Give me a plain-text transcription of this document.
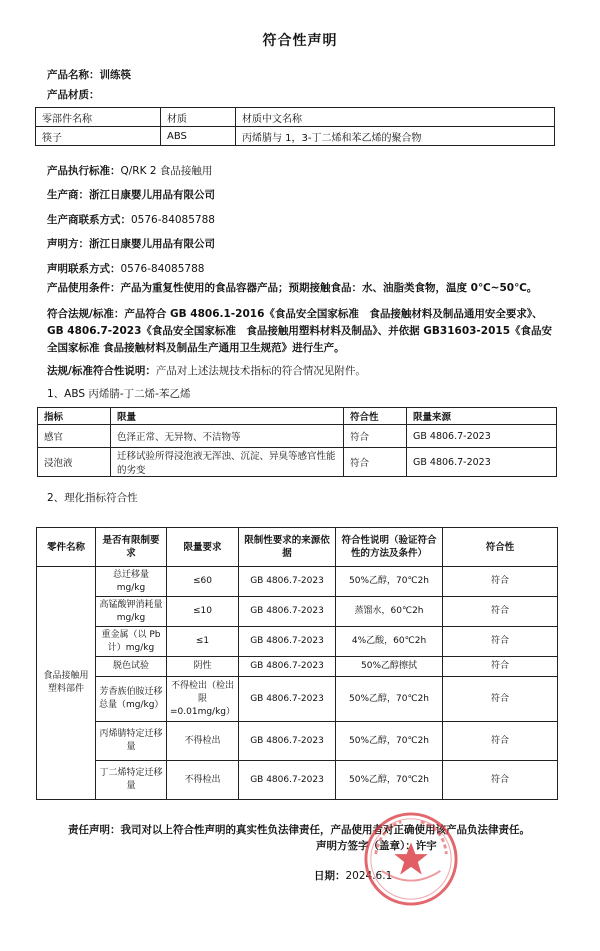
符合性声明
产品名称：训练筷
产品材质：
零部件名称	材质	材质中文名称
筷子	ABS	丙烯腈与 1，3-丁二烯和苯乙烯的聚合物
产品执行标准：Q/RK 2 食品接触用
生产商：浙江日康婴儿用品有限公司
生产商联系方式：0576-84085788
声明方：浙江日康婴儿用品有限公司
声明联系方式：0576-84085788
产品使用条件：产品为重复性使用的食品容器产品；预期接触食品：水、油脂类食物，温度 0℃~50℃。
符合法规/标准：产品符合 GB 4806.1-2016《食品安全国家标准　食品接触材料及制品通用安全要求》、GB 4806.7-2023《食品安全国家标准　食品接触用塑料材料及制品》、并依据 GB31603-2015《食品安全国家标准 食品接触材料及制品生产通用卫生规范》进行生产。
法规/标准符合性说明：产品对上述法规技术指标的符合情况见附件。
1、ABS 丙烯腈-丁二烯-苯乙烯
指标	限量	符合性	限量来源
感官	色泽正常、无异物、不洁物等	符合	GB 4806.7-2023
浸泡液	迁移试验所得浸泡液无浑浊、沉淀、异臭等感官性能的劣变	符合	GB 4806.7-2023
2、理化指标符合性
零件名称	是否有限制要求	限量要求	限制性要求的来源依据	符合性说明（验证符合性的方法及条件）	符合性
食品接触用塑料部件	总迁移量 mg/kg	≤60	GB 4806.7-2023	50%乙醇，70℃2h	符合
	高锰酸钾消耗量 mg/kg	≤10	GB 4806.7-2023	蒸馏水，60℃2h	符合
	重金属（以 Pb 计）mg/kg	≤1	GB 4806.7-2023	4%乙酸，60℃2h	符合
	脱色试验	阴性	GB 4806.7-2023	50%乙醇擦拭	符合
	芳香族伯胺迁移总量（mg/kg）	不得检出（检出限=0.01mg/kg）	GB 4806.7-2023	50%乙醇，70℃2h	符合
	丙烯腈特定迁移量	不得检出	GB 4806.7-2023	50%乙醇，70℃2h	符合
	丁二烯特定迁移量	不得检出	GB 4806.7-2023	50%乙醇，70℃2h	符合
责任声明：我司对以上符合性声明的真实性负法律责任，产品使用者对正确使用该产品负法律责任。
声明方签字（盖章）：许宇
日期：2024.6.1
